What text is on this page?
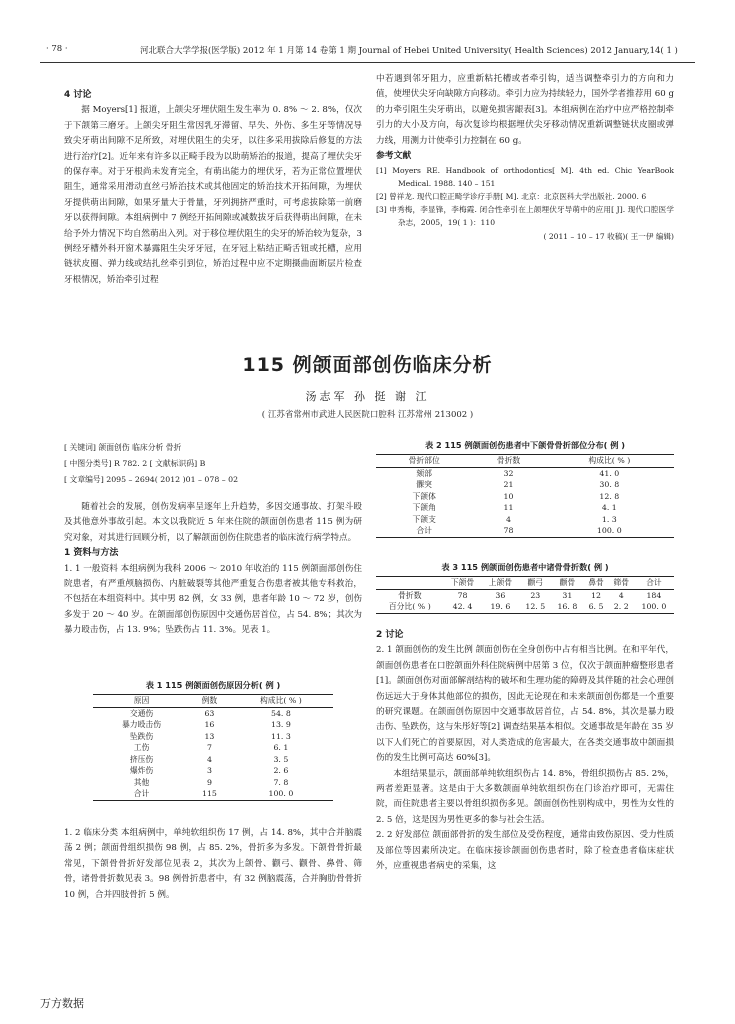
· 78 ·	河北联合大学学报(医学版) 2012 年 1 月第 14 卷第 1 期 Journal of Hebei United University( Health Sciences) 2012 January,14( 1 )
4 讨论

据 Moyers[1] 报道，上颌尖牙埋伏阻生发生率为 0. 8% ～ 2. 8%，仅次于下颌第三磨牙。上颌尖牙阻生常因乳牙滞留、早失、外伤、多生牙等情况导致尖牙萌出间隙不足所致，对埋伏阻生的尖牙，以往多采用拔除后修复的方法进行治疗[2]。近年来有许多以正畸手段为以助萌矫治的报道，提高了埋伏尖牙的保存率。对于牙根尚未发育完全，有萌出能力的埋伏牙，若为正常位置埋伏阻生，通常采用滑动直丝弓矫治技术或其他固定的矫治技术开拓间隙，为埋伏牙提供萌出间隙，如果牙量大于骨量，牙列拥挤严重时，可考虑拔除第一前磨牙以获得间隙。本组病例中 7 例经开拓间隙或减数拔牙后获得萌出间隙，在未给予外力情况下均自然萌出入列。对于移位埋伏阻生的尖牙的矫治较为复杂，3 例经牙槽外科开窗术暴露阻生尖牙牙冠，在牙冠上粘结正畸舌钮或托槽，应用链状皮圈、弹力线或结扎丝牵引到位，矫治过程中应不定期摄曲面断层片检查牙根情况，矫治牵引过程

中若遇到邻牙阻力，应重新粘托槽或者牵引钩，适当调整牵引力的方向和力值，使埋伏尖牙向缺隙方向移动。牵引力应为持续轻力，国外学者推荐用 60 g 的力牵引阻生尖牙萌出，以避免损害龈表[3]。本组病例在治疗中应严格控制牵引力的大小及方向，每次复诊均根据埋伏尖牙移动情况重新调整链状皮圈或弹力线，用测力计使牵引力控制在 60 g。

参考文献

[1] Moyers RE. Handbook of orthodontics[ M]. 4th ed. Chic YearBook Medical. 1988. 140 – 151

[2] 曾祥龙. 现代口腔正畸学诊疗手册[ M]. 北京：北京医科大学出版社. 2000. 6

[3] 申秀梅，李显锋，李梅霞. 闭合性牵引在上颌埋伏牙导萌中的应用[ J]. 现代口腔医学杂志，2005，19( 1 )：110

( 2011 – 10 – 17 收稿)( 王一伊 编辑)
115 例颌面部创伤临床分析
汤志军 孙 挺 谢 江
( 江苏省常州市武进人民医院口腔科 江苏常州 213002 )
[ 关键词] 颌面创伤 临床分析 骨折
[ 中图分类号] R 782. 2 [ 文献标识码] B
[ 文章编号] 2095 – 2694( 2012 )01 – 078 – 02

随着社会的发展，创伤发病率呈逐年上升趋势，多因交通事故、打架斗殴及其他意外事故引起。本文以我院近 5 年来住院的颌面创伤患者 115 例为研究对象，对其进行回顾分析，以了解颌面创伤住院患者的临床流行病学特点。

1 资料与方法

1. 1 一般资料 本组病例为我科 2006 ～ 2010 年收治的 115 例颌面部创伤住院患者，有严重颅脑损伤、内脏破裂等其他严重复合伤患者被其他专科救治，不包括在本组资料中。其中男 82 例，女 33 例，患者年龄 10 ～ 72 岁，创伤多发于 20 ～ 40 岁。在颌面部创伤原因中交通伤居首位，占 54. 8%；其次为暴力殴击伤，占 13. 9%；坠跌伤占 11. 3%。见表 1。

表 1 115 例颌面创伤原因分析( 例 )
原因	例数	构成比( % )
交通伤	63	54. 8
暴力殴击伤	16	13. 9
坠跌伤	13	11. 3
工伤	7	6. 1
挤压伤	4	3. 5
爆炸伤	3	2. 6
其他	9	7. 8
合计	115	100. 0

1. 2 临床分类 本组病例中，单纯软组织伤 17 例，占 14. 8%，其中合并脑震荡 2 例；颌面骨组织损伤 98 例，占 85. 2%，骨折多为多发。下颌骨骨折最常见，下颌骨骨折好发部位见表 2，其次为上颌骨、颧弓、颧骨、鼻骨、筛骨，诸骨骨折数见表 3。98 例骨折患者中，有 32 例脑震荡，合并胸肋骨骨折 10 例，合并四肢骨折 5 例。

表 2 115 例颌面创伤患者中下颌骨骨折部位分布( 例 )
骨折部位	骨折数	构成比( % )
颏部	32	41. 0
髁突	21	30. 8
下颌体	10	12. 8
下颌角	11	4. 1
下颌支	4	1. 3
合计	78	100. 0
表 3 115 例颌面创伤患者中诸骨骨折数( 例 )
	下颌骨	上颌骨	颧弓	颧骨	鼻骨	筛骨	合计
骨折数	78	36	23	31	12	4	184
百分比( % )	42. 4	19. 6	12. 5	16. 8	6. 5	2. 2	100. 0
2 讨论

2. 1 颌面创伤的发生比例 颌面创伤在全身创伤中占有相当比例。在和平年代，颌面创伤患者在口腔颌面外科住院病例中居第 3 位，仅次于颌面肿瘤整形患者[1]。颌面创伤对面部解剖结构的破坏和生理功能的障碍及其伴随的社会心理创伤远远大于身体其他部位的损伤，因此无论现在和未来颌面创伤都是一个重要的研究课题。在颌面创伤原因中交通事故居首位，占 54. 8%，其次是暴力殴击伤、坠跌伤，这与朱彤好等[2] 调查结果基本相似。交通事故是年龄在 35 岁以下人们死亡的首要原因，对人类造成的危害最大，在各类交通事故中颌面损伤的发生比例可高达 60%[3]。

本组结果显示，颌面部单纯软组织伤占 14. 8%，骨组织损伤占 85. 2%，两者差距显著。这是由于大多数颌面单纯软组织伤在门诊治疗即可，无需住院，而住院患者主要以骨组织损伤多见。颌面创伤性别构成中，男性为女性的 2. 5 倍，这是因为男性更多的参与社会生活。

2. 2 好发部位 颌面部骨折的发生部位及受伤程度，通常由致伤原因、受力性质及部位等因素所决定。在临床接诊颌面创伤患者时，除了检查患者临床症状外，应重视患者病史的采集，这

万方数据
